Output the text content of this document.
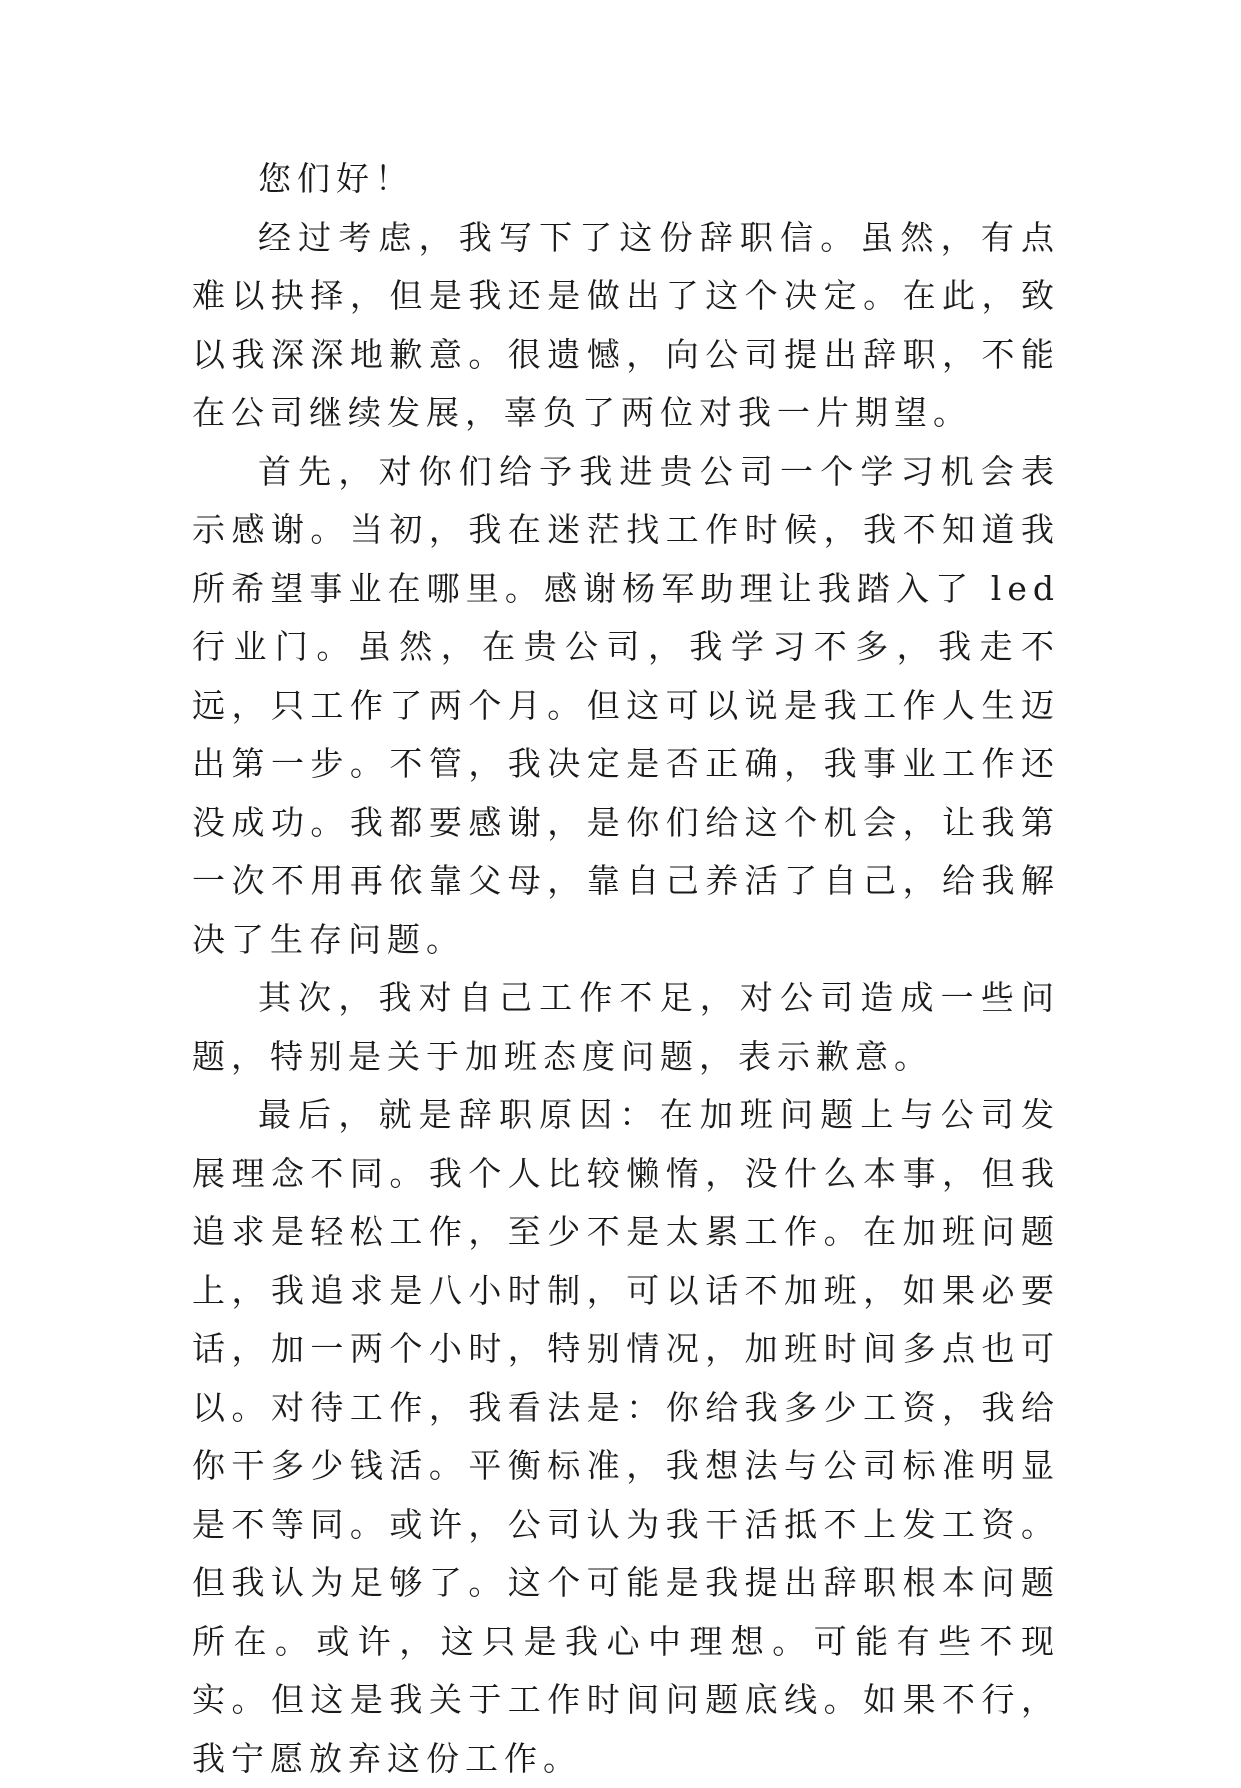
您们好！

经过考虑，我写下了这份辞职信。虽然，有点难以抉择，但是我还是做出了这个决定。在此，致以我深深地歉意。很遗憾，向公司提出辞职，不能在公司继续发展，辜负了两位对我一片期望。

首先，对你们给予我进贵公司一个学习机会表示感谢。当初，我在迷茫找工作时候，我不知道我所希望事业在哪里。感谢杨军助理让我踏入了 led 行业门。虽然，在贵公司，我学习不多，我走不远，只工作了两个月。但这可以说是我工作人生迈出第一步。不管，我决定是否正确，我事业工作还没成功。我都要感谢，是你们给这个机会，让我第一次不用再依靠父母，靠自己养活了自己，给我解决了生存问题。

其次，我对自己工作不足，对公司造成一些问题，特别是关于加班态度问题，表示歉意。

最后，就是辞职原因：在加班问题上与公司发展理念不同。我个人比较懒惰，没什么本事，但我追求是轻松工作，至少不是太累工作。在加班问题上，我追求是八小时制，可以话不加班，如果必要话，加一两个小时，特别情况，加班时间多点也可以。对待工作，我看法是：你给我多少工资，我给你干多少钱活。平衡标准，我想法与公司标准明显是不等同。或许，公司认为我干活抵不上发工资。但我认为足够了。这个可能是我提出辞职根本问题所在。或许，这只是我心中理想。可能有些不现实。但这是我关于工作时间问题底线。如果不行，我宁愿放弃这份工作。
